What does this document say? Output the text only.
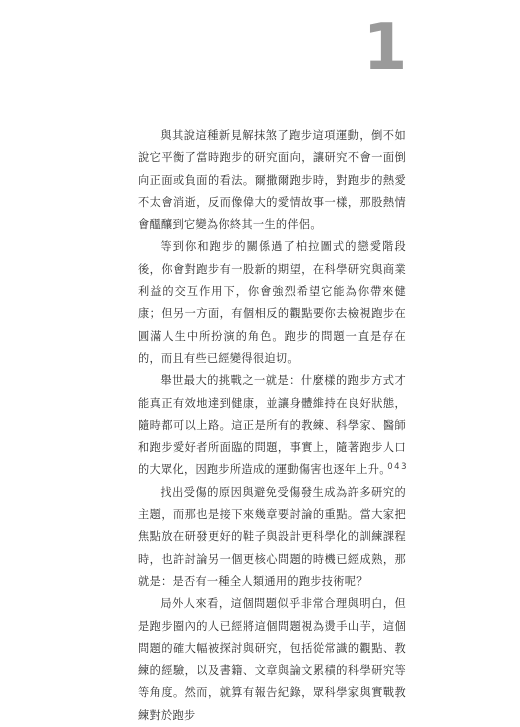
1

與其說這種新見解抹煞了跑步這項運動，倒不如說它平衡了當時跑步的研究面向，讓研究不會一面倒向正面或負面的看法。爾撒爾跑步時，對跑步的熱愛不太會消逝，反而像偉大的愛情故事一樣，那股熱情會醞釀到它變為你終其一生的伴侶。

等到你和跑步的關係過了柏拉圖式的戀愛階段後，你會對跑步有一股新的期望，在科學研究與商業利益的交互作用下，你會強烈希望它能為你帶來健康；但另一方面，有個相反的觀點要你去檢視跑步在圓滿人生中所扮演的角色。跑步的問題一直是存在的，而且有些已經變得很迫切。

舉世最大的挑戰之一就是：什麼樣的跑步方式才能真正有效地達到健康，並讓身體維持在良好狀態，隨時都可以上路。這正是所有的教練、科學家、醫師和跑步愛好者所面臨的問題，事實上，隨著跑步人口的大眾化，因跑步所造成的運動傷害也逐年上升。

找出受傷的原因與避免受傷發生成為許多研究的主題，而那也是接下來幾章要討論的重點。當大家把焦點放在研發更好的鞋子與設計更科學化的訓練課程時，也許討論另一個更核心問題的時機已經成熟，那就是：是否有一種全人類通用的跑步技術呢？

局外人來看，這個問題似乎非常合理與明白，但是跑步圈內的人已經將這個問題視為燙手山芋，這個問題的確大幅被探討與研究，包括從常識的觀點、教練的經驗，以及書籍、文章與論文累積的科學研究等等角度。然而，就算有報告紀錄，眾科學家與實戰教練對於跑步

043
